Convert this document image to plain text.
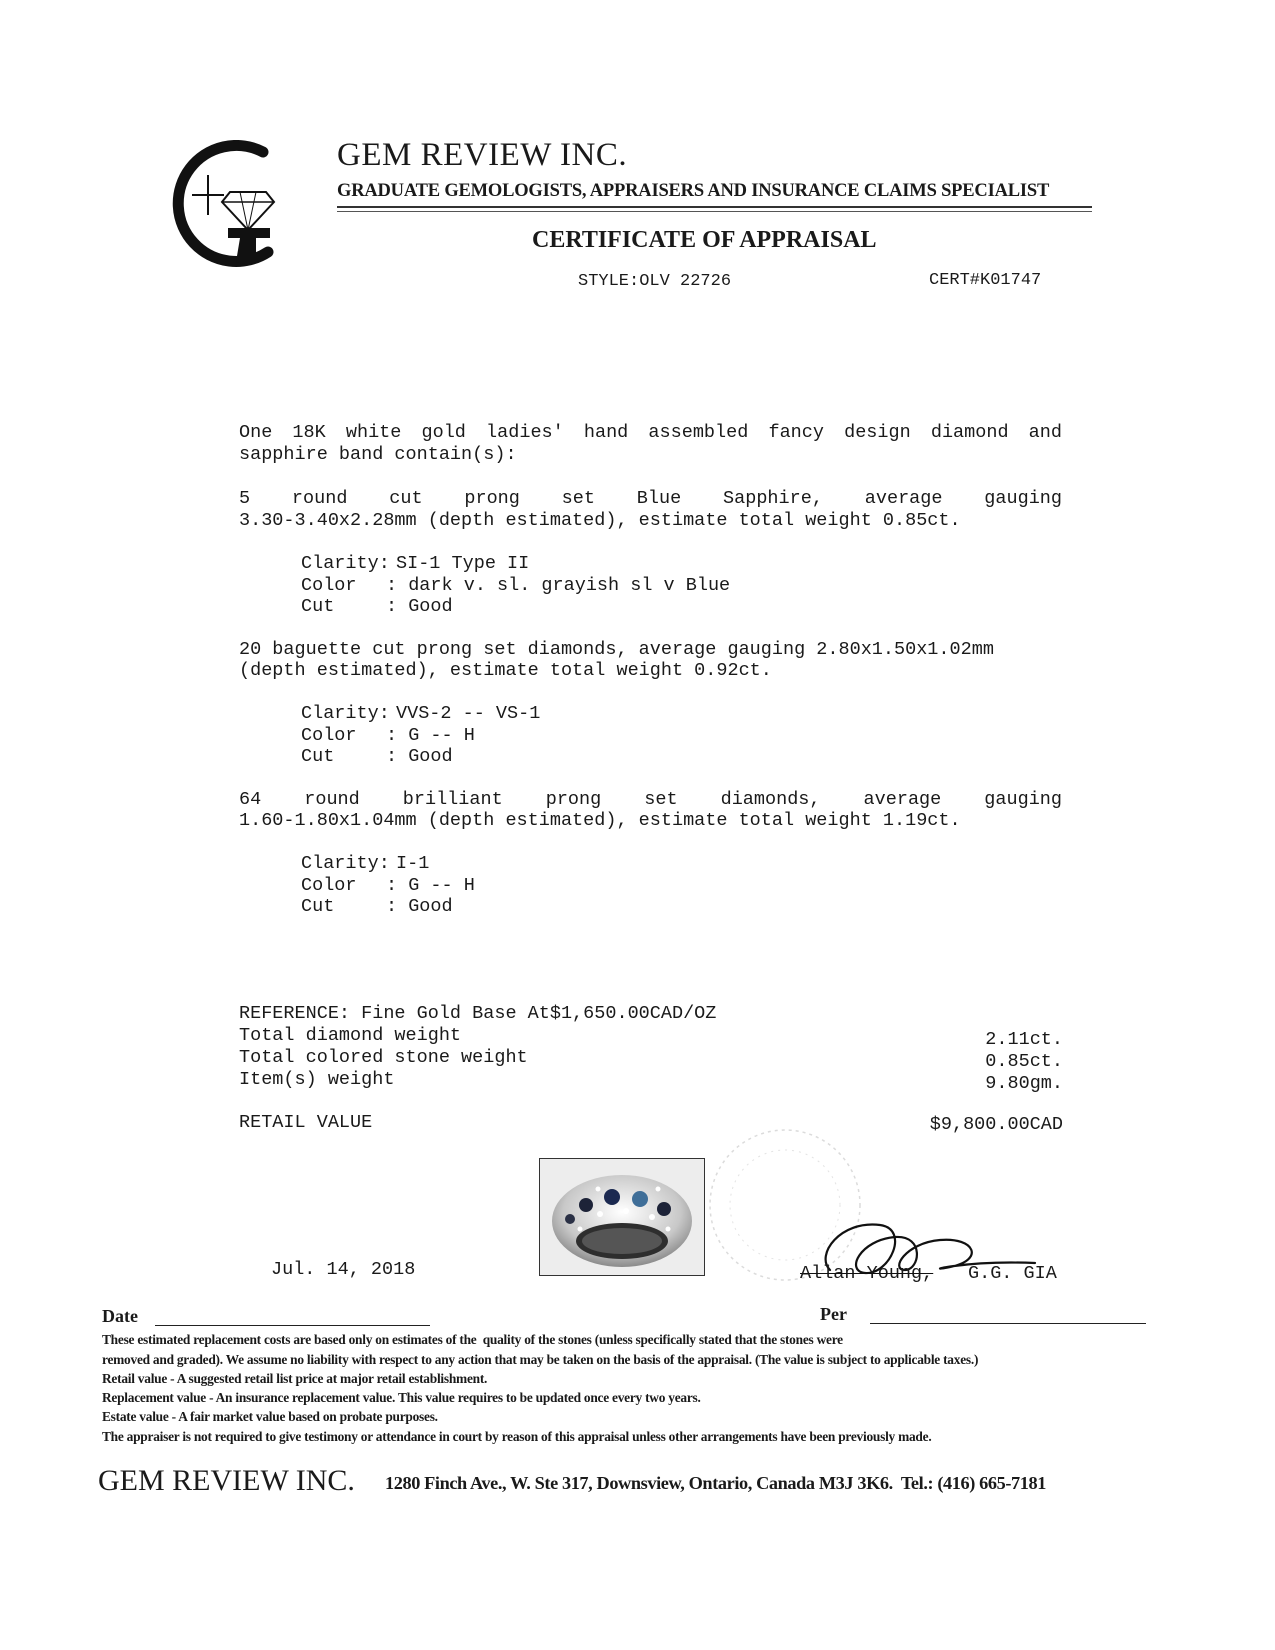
GEM REVIEW INC.
GRADUATE GEMOLOGISTS, APPRAISERS AND INSURANCE CLAIMS SPECIALIST
CERTIFICATE OF APPRAISAL
STYLE:OLV 22726	CERT#K01747
One 18K white gold ladies' hand assembled fancy design diamond and
sapphire band contain(s):
5 round cut prong set Blue Sapphire, average gauging
3.30-3.40x2.28mm (depth estimated), estimate total weight 0.85ct.
Clarity: SI-1 Type II
Color : dark v. sl. grayish sl v Blue
Cut	: Good
20 baguette cut prong set diamonds, average gauging 2.80x1.50x1.02mm
(depth estimated), estimate total weight 0.92ct.
Clarity: VVS-2 -- VS-1
Color : G -- H
Cut	: Good
64 round brilliant prong set diamonds, average gauging
1.60-1.80x1.04mm (depth estimated), estimate total weight 1.19ct.
Clarity: I-1
Color : G -- H
Cut	: Good
REFERENCE: Fine Gold Base At$1,650.00CAD/OZ
Total diamond weight	2.11ct.
Total colored stone weight	0.85ct.
Item(s) weight	9.80gm.
RETAIL VALUE	$9,800.00CAD
Jul. 14, 2018	Allan Young, G.G. GIA
Date	Per
These estimated replacement costs are based only on estimates of the  quality of the stones (unless specifically stated that the stones were
removed and graded). We assume no liability with respect to any action that may be taken on the basis of the appraisal. (The value is subject to applicable taxes.)
Retail value - A suggested retail list price at major retail establishment.
Replacement value - An insurance replacement value. This value requires to be updated once every two years.
Estate value - A fair market value based on probate purposes.
The appraiser is not required to give testimony or attendance in court by reason of this appraisal unless other arrangements have been previously made.
GEM REVIEW INC. 1280 Finch Ave., W. Ste 317, Downsview, Ontario, Canada M3J 3K6.  Tel.: (416) 665-7181
